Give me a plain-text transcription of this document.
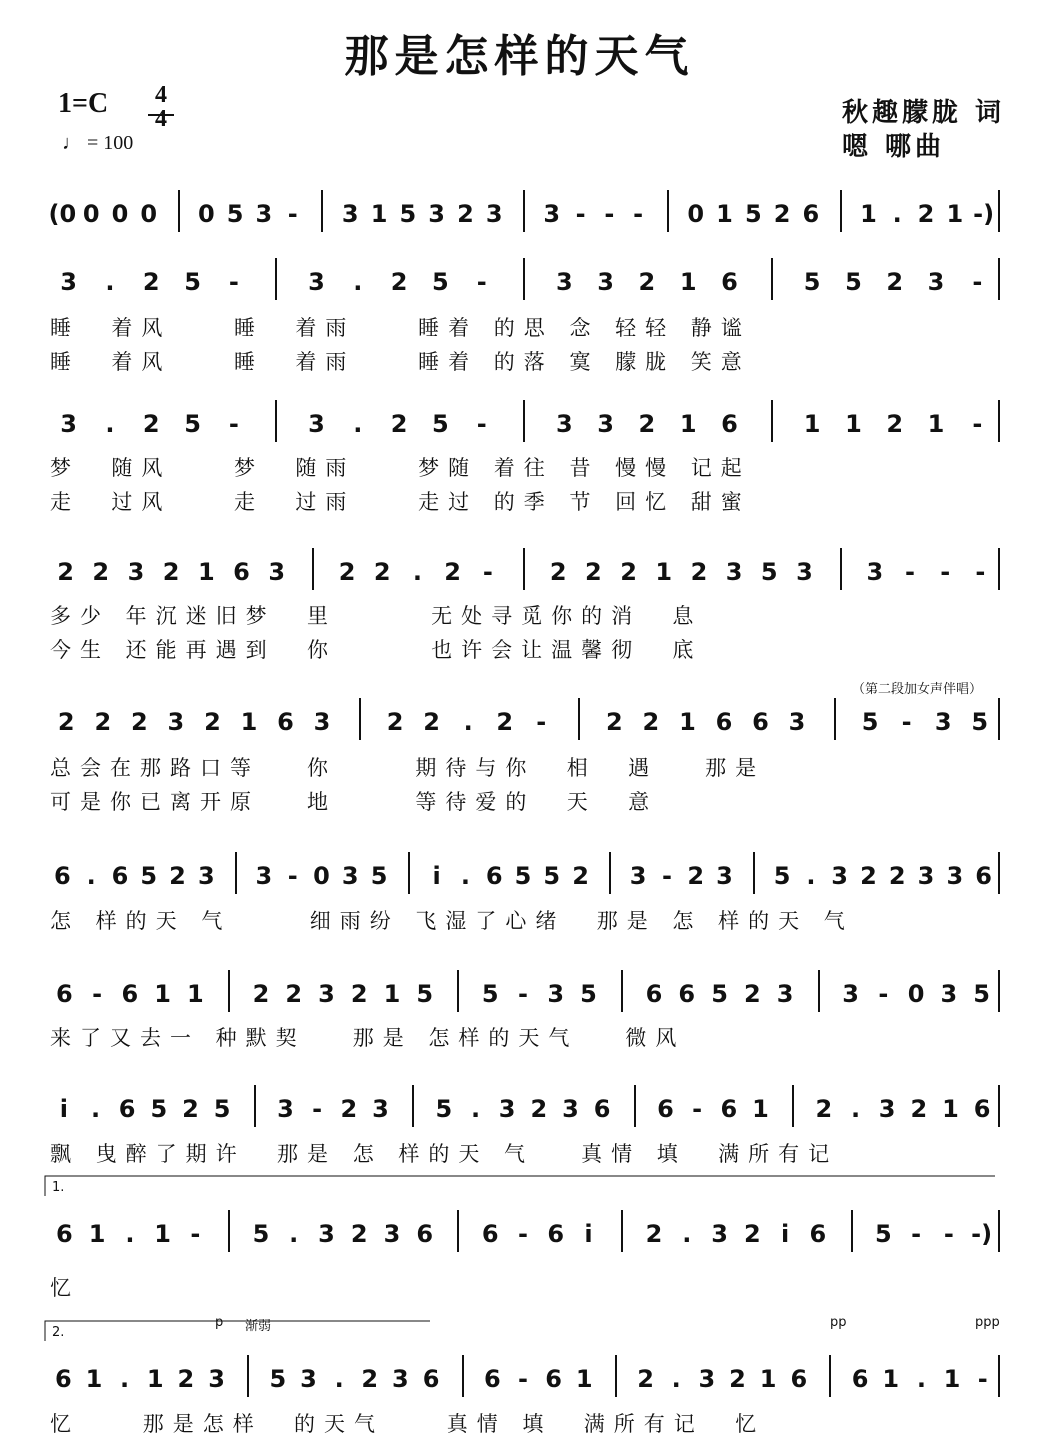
那是怎样的天气
1=C 4
4
♩ = 100
秋趣朦胧 词
嗯 哪曲
(0 0 0 0 0 5 3 - 3 1 5 3 2 3 3 - - - 0 1 5 2 6 1 . 2 1 -)
3 . 2 5 -	3 . 2 5 -	3 3 2 1 6	5 5 2 3 -
睡  着风    睡  着雨    睡着 的思 念 轻轻 静谧
睡  着风    睡  着雨    睡着 的落 寞 朦胧 笑意
3 . 2 5 -	3 . 2 5 -	3 3 2 1 6	1 1 2 1 -
梦  随风    梦  随雨    梦随 着往 昔 慢慢 记起
走  过风    走  过雨    走过 的季 节 回忆 甜蜜
2 2 3 2 1 6 3 2 2 . 2 - 2 2 2 1 2 3 5 3 3 - - -
多少 年沉迷旧梦  里      无处寻觅你的消  息
今生 还能再遇到  你      也许会让温馨彻  底
2 2 2 3 2 1 6 3 2 2 . 2 - 2 2 1 6 6 3 5 - 3 5
总会在那路口等   你     期待与你  相  遇   那是
可是你已离开原   地     等待爱的  天  意
（第二段加女声伴唱）
6 . 6 5 2 3 3 - 0 3 5 i . 6 5 5 2 3 - 2 3 5 . 3 2 2 3 3 6
怎 样的天 气     细雨纷 飞湿了心绪  那是 怎 样的天 气
6 - 6 1 1 2 2 3 2 1 5 5 - 3 5 6 6 5 2 3 3 - 0 3 5
来了又去一 种默契   那是 怎样的天气   微风
i . 6 5 2 5 3 - 2 3 5 . 3 2 3 6 6 - 6 1 2 . 3 2 1 6
飘 曳醉了期许  那是 怎 样的天 气   真情 填  满所有记
6 1 . 1 - 5 . 3 2 3 6 6 - 6 i 2 . 3 2 i 6 5 - - -)
忆
1.
6 1 . 1 2 3 5 3 . 2 3 6 6 - 6 1 2 . 3 2 1 6 6 1 . 1 -
忆    那是怎样  的天气    真情 填  满所有记  忆
2.
p 渐弱	pp	ppp
